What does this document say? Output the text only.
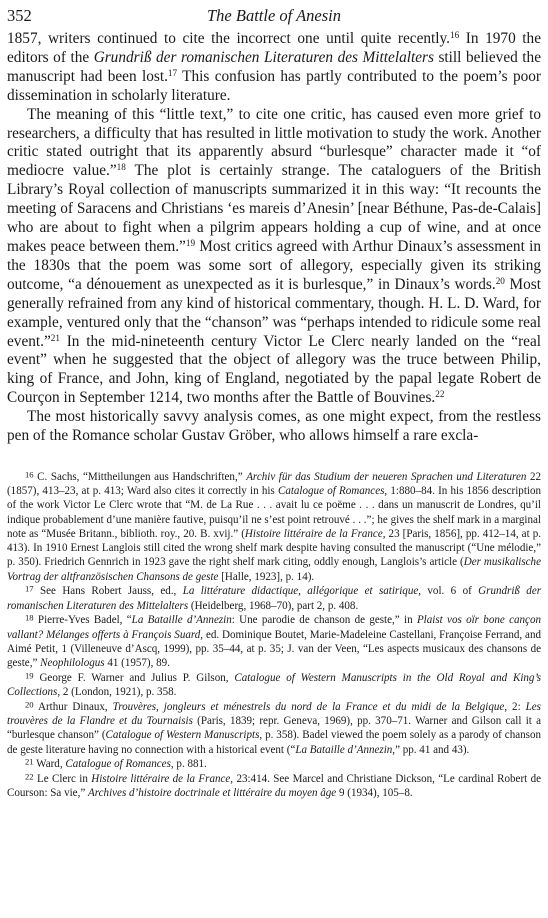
352	The Battle of Anesin

1857, writers continued to cite the incorrect one until quite recently.$^{16}$ In 1970 the editors of the Grundriß der romanischen Literaturen des Mittelalters still believed the manuscript had been lost.$^{17}$ This confusion has partly contributed to the poem’s poor dissemination in scholarly literature.

The meaning of this “little text,” to cite one critic, has caused even more grief to researchers, a difficulty that has resulted in little motivation to study the work. Another critic stated outright that its apparently absurd “burlesque” character made it “of mediocre value.”$^{18}$ The plot is certainly strange. The cataloguers of the British Library’s Royal collection of manuscripts summarized it in this way: “It recounts the meeting of Saracens and Christians ‘es mareis d’Anesin’ [near Béthune, Pas-de-Calais] who are about to fight when a pilgrim appears holding a cup of wine, and at once makes peace between them.”$^{19}$ Most critics agreed with Arthur Dinaux’s assessment in the 1830s that the poem was some sort of allegory, especially given its striking outcome, “a dénouement as unexpected as it is burlesque,” in Dinaux’s words.$^{20}$ Most generally refrained from any kind of historical commentary, though. H. L. D. Ward, for example, ventured only that the “chanson” was “perhaps intended to ridicule some real event.”$^{21}$ In the mid-nineteenth century Victor Le Clerc nearly landed on the “real event” when he suggested that the object of allegory was the truce between Philip, king of France, and John, king of England, negotiated by the papal legate Robert de Courçon in September 1214, two months after the Battle of Bouvines.$^{22}$

The most historically savvy analysis comes, as one might expect, from the restless pen of the Romance scholar Gustav Gröber, who allows himself a rare excla-

$^{16}$ C. Sachs, “Mittheilungen aus Handschriften,” Archiv für das Studium der neueren Sprachen und Literaturen 22 (1857), 413–23, at p. 413; Ward also cites it correctly in his Catalogue of Romances, 1:880–84. In his 1856 description of the work Victor Le Clerc wrote that “M. de La Rue . . . avait lu ce poëme . . . dans un manuscrit de Londres, qu’il indique probablement d’une manière fautive, puisqu’il ne s’est point retrouvé . . .”; he gives the shelf mark in a marginal note as “Musée Britann., biblioth. roy., 20. B. xvij.” (Histoire littéraire de la France, 23 [Paris, 1856], pp. 412–14, at p. 413). In 1910 Ernest Langlois still cited the wrong shelf mark despite having consulted the manuscript (“Une mélodie,” p. 350). Friedrich Gennrich in 1923 gave the right shelf mark citing, oddly enough, Langlois’s article (Der musikalische Vortrag der altfranzösischen Chansons de geste [Halle, 1923], p. 14).

$^{17}$ See Hans Robert Jauss, ed., La littérature didactique, allégorique et satirique, vol. 6 of Grundriß der romanischen Literaturen des Mittelalters (Heidelberg, 1968–70), part 2, p. 408.

$^{18}$ Pierre-Yves Badel, “La Bataille d’Annezin: Une parodie de chanson de geste,” in Plaist vos oïr bone cançon vallant? Mélanges offerts à François Suard, ed. Dominique Boutet, Marie-Madeleine Castellani, Françoise Ferrand, and Aimé Petit, 1 (Villeneuve d’Ascq, 1999), pp. 35–44, at p. 35; J. van der Veen, “Les aspects musicaux des chansons de geste,” Neophilologus 41 (1957), 89.

$^{19}$ George F. Warner and Julius P. Gilson, Catalogue of Western Manuscripts in the Old Royal and King’s Collections, 2 (London, 1921), p. 358.

$^{20}$ Arthur Dinaux, Trouvères, jongleurs et ménestrels du nord de la France et du midi de la Belgique, 2: Les trouvères de la Flandre et du Tournaisis (Paris, 1839; repr. Geneva, 1969), pp. 370–71. Warner and Gilson call it a “burlesque chanson” (Catalogue of Western Manuscripts, p. 358). Badel viewed the poem solely as a parody of chanson de geste literature having no connection with a historical event (“La Bataille d’Annezin,” pp. 41 and 43).

$^{21}$ Ward, Catalogue of Romances, p. 881.

$^{22}$ Le Clerc in Histoire littéraire de la France, 23:414. See Marcel and Christiane Dickson, “Le cardinal Robert de Courson: Sa vie,” Archives d’histoire doctrinale et littéraire du moyen âge 9 (1934), 105–8.
